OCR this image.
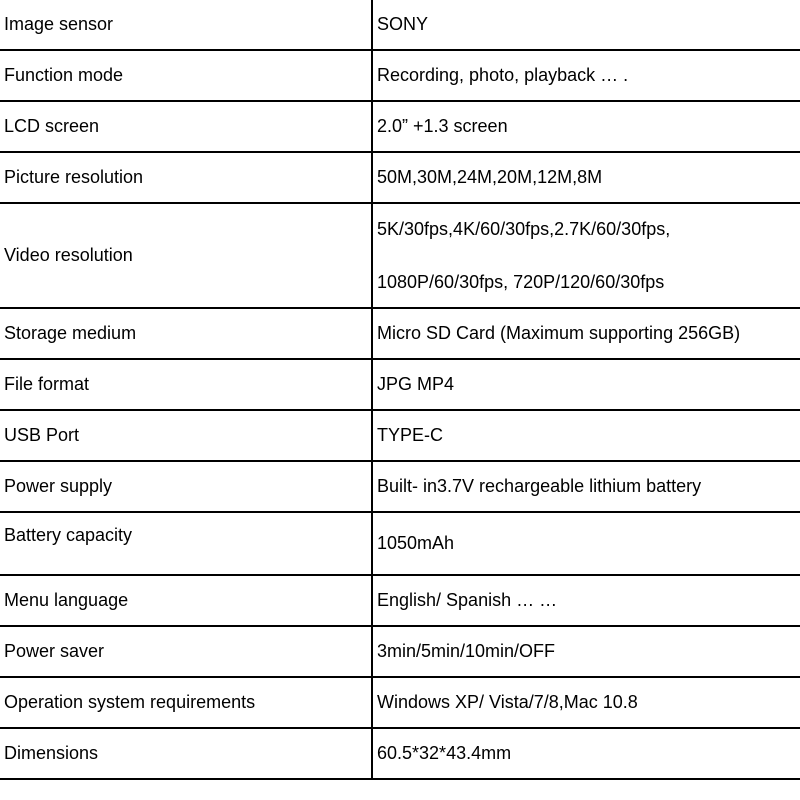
Image sensor	SONY

Function mode	Recording, photo, playback … .

LCD screen	2.0” +1.3 screen

Picture resolution	50M,30M,24M,20M,12M,8M

Video resolution	5K/30fps,4K/60/30fps,2.7K/60/30fps,
1080P/60/30fps, 720P/120/60/30fps

Storage medium	Micro SD Card (Maximum supporting 256GB)

File format	JPG MP4

USB Port	TYPE-C

Power supply	Built- in3.7V rechargeable lithium battery

Battery capacity	1050mAh

Menu language	English/ Spanish … …

Power saver	3min/5min/10min/OFF

Operation system requirements	Windows XP/ Vista/7/8,Mac 10.8

Dimensions	60.5*32*43.4mm
